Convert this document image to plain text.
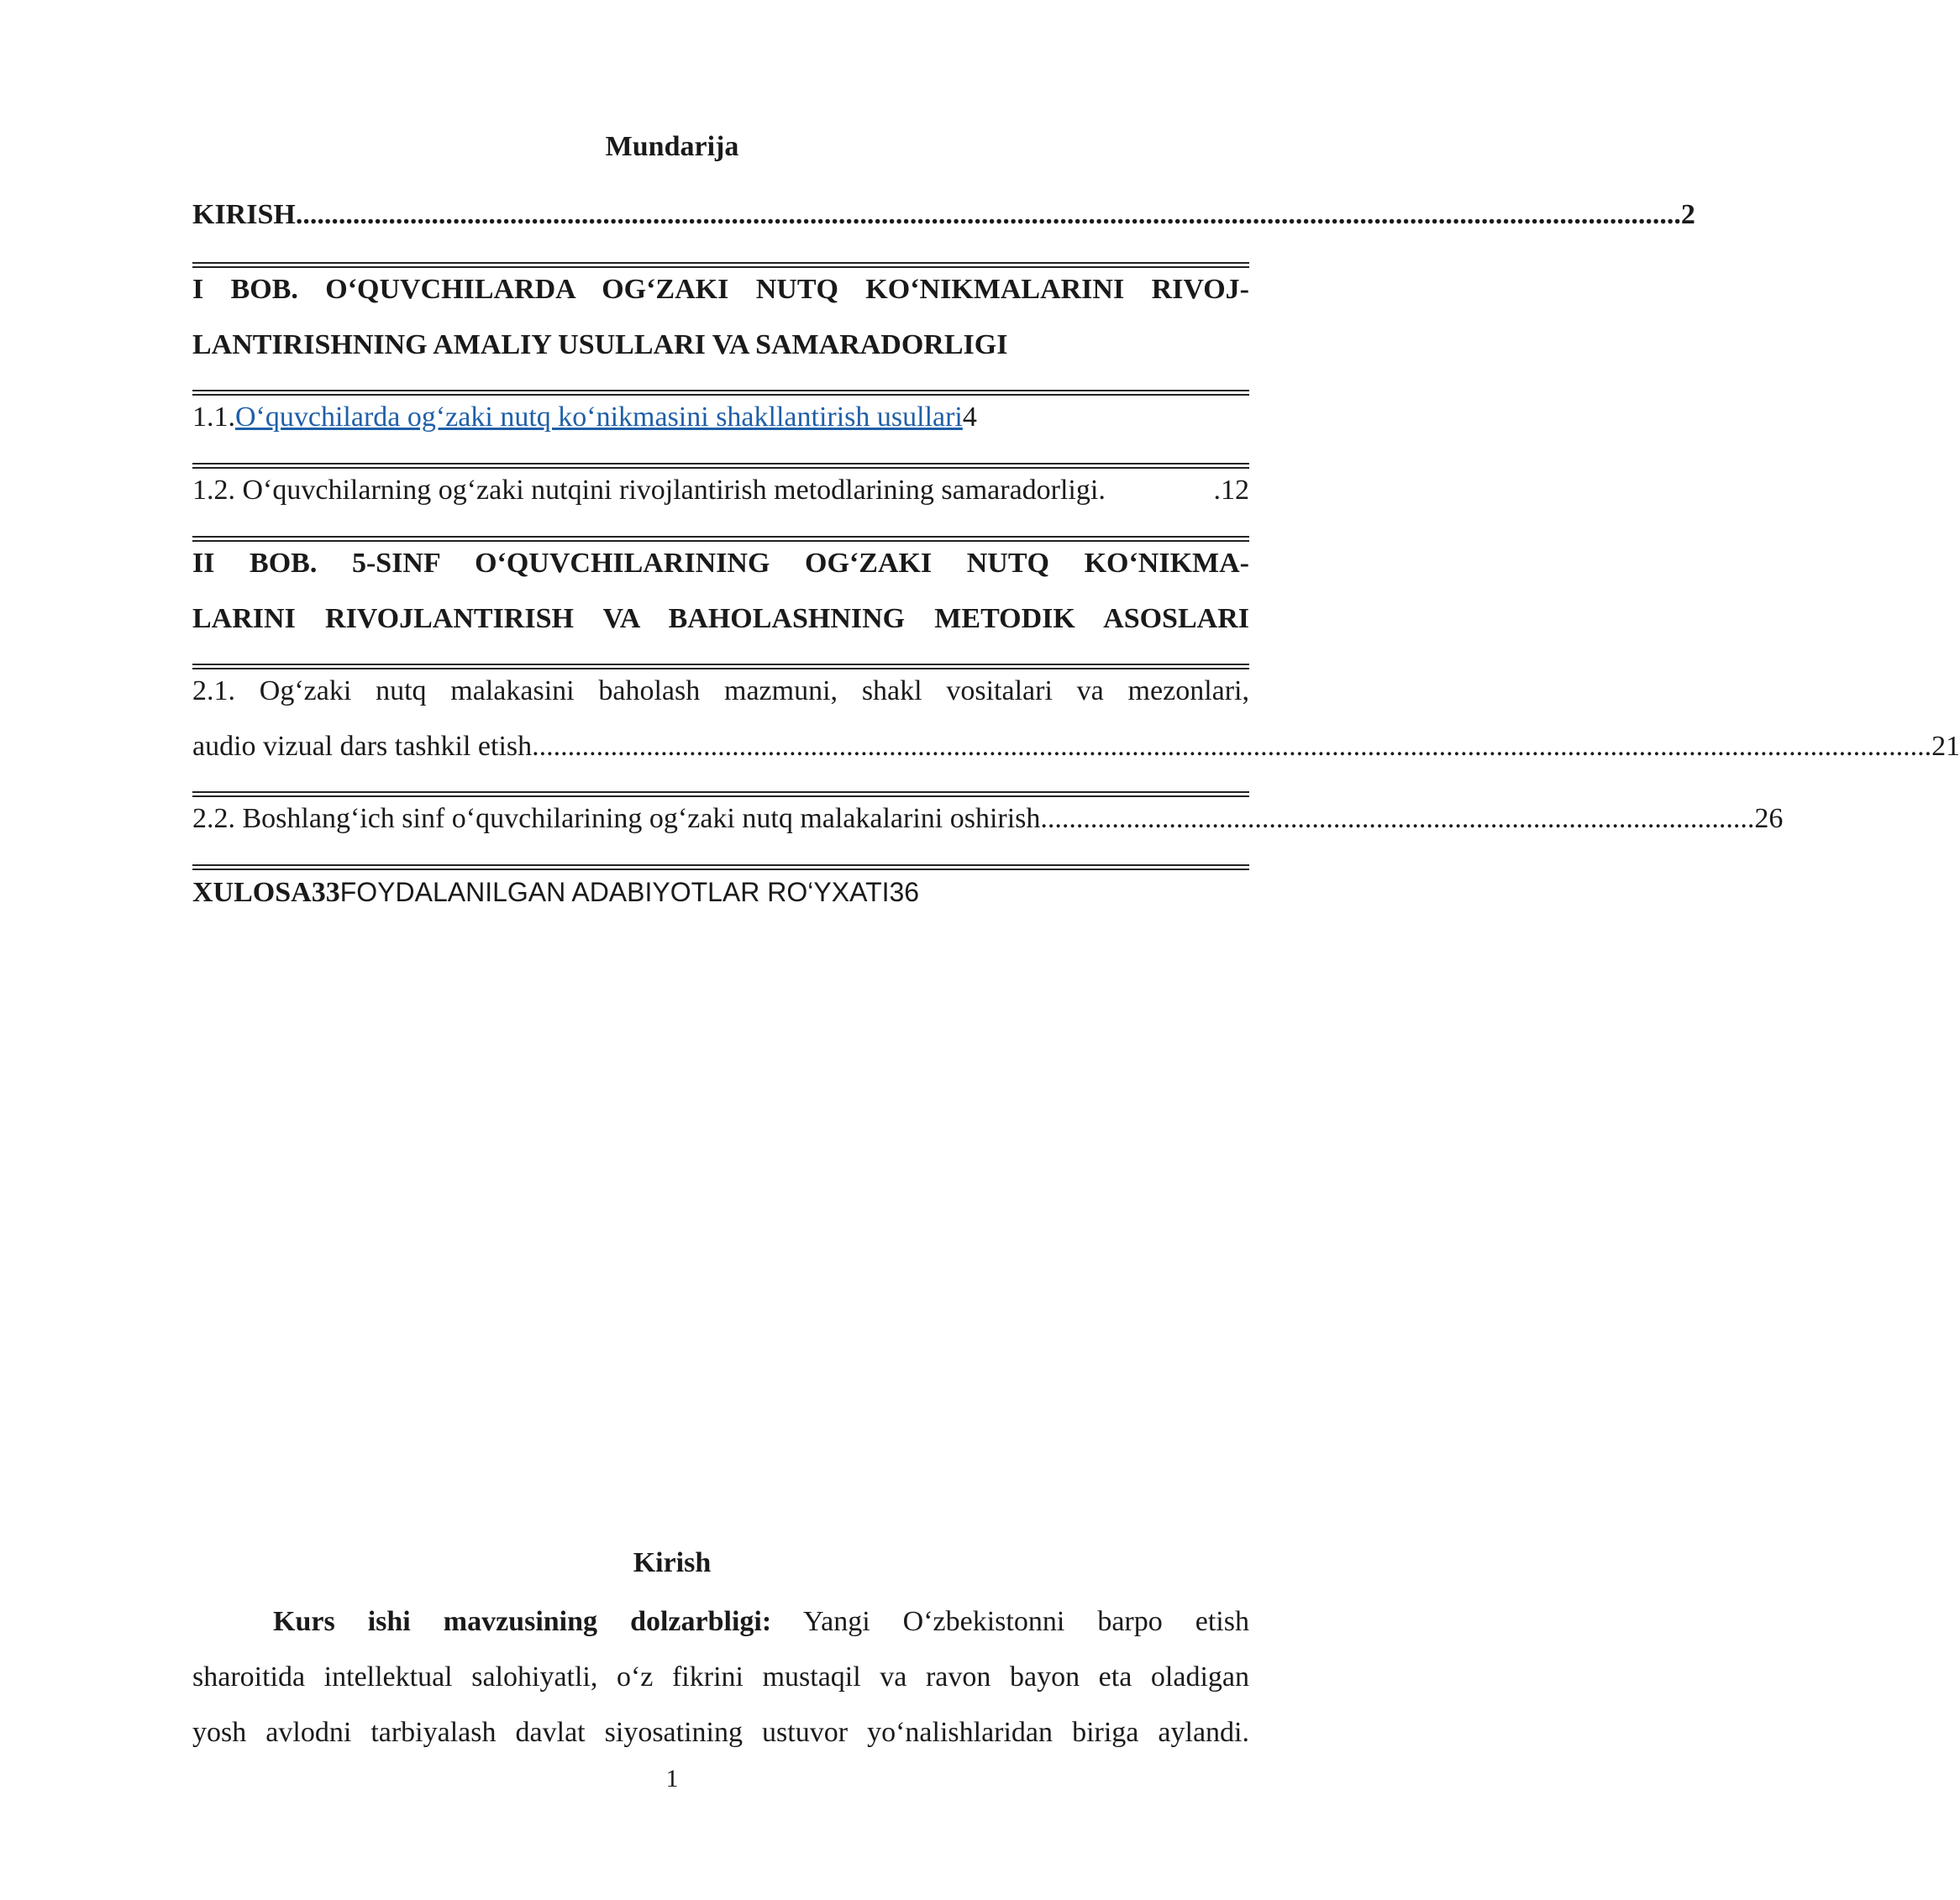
Mundarija
KIRISH .................................................................................................................................................................................................. 2
I BOB. O‘QUVCHILARDA OG‘ZAKI NUTQ KO‘NIKMALARINI RIVOJ-
LANTIRISHNING AMALIY USULLARI VA SAMARADORLIGI
1.1. O‘quvchilarda og‘zaki nutq ko‘nikmasini shakllantirish usullari 4
1.2. O‘quvchilarning og‘zaki nutqini rivojlantirish metodlarining samaradorligi.	.12
II BOB. 5-SINF O‘QUVCHILARINING OG‘ZAKI NUTQ KO‘NIKMA-
LARINI RIVOJLANTIRISH VA BAHOLASHNING METODIK ASOSLARI
2.1. Og‘zaki nutq malakasini baholash mazmuni, shakl vositalari va mezonlari,
audio vizual dars tashkil etish .................................................................................................................................................................................................... 21
2.2. Boshlang‘ich sinf o‘quvchilarining og‘zaki nutq malakalarini oshirish .................................................................................................... 26
XULOSA33 FOYDALANILGAN ADABIYOTLAR RO‘YXATI36
Kirish
Kurs ishi mavzusining dolzarbligi: Yangi O‘zbekistonni barpo etish
sharoitida intellektual salohiyatli, o‘z fikrini mustaqil va ravon bayon eta oladigan
yosh avlodni tarbiyalash davlat siyosatining ustuvor yo‘nalishlaridan biriga aylandi.
1
